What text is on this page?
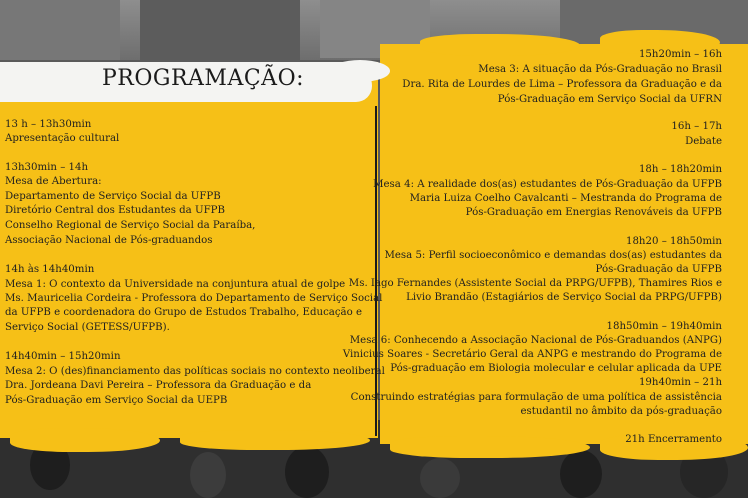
PROGRAMAÇÃO:
13 h – 13h30min
Apresentação cultural
13h30min – 14h
Mesa de Abertura:
Departamento de Serviço Social da UFPB
Diretório Central dos Estudantes da UFPB
Conselho Regional de Serviço Social da Paraíba,
Associação Nacional de Pós-graduandos
14h às 14h40min
Mesa 1: O contexto da Universidade na conjuntura atual de golpe
Ms. Mauricelia Cordeira - Professora do Departamento de Serviço Social
da UFPB e coordenadora do Grupo de Estudos Trabalho, Educação e
Serviço Social (GETESS/UFPB).
14h40min – 15h20min
Mesa 2: O (des)financiamento das políticas sociais no contexto neoliberal
Dra. Jordeana Davi Pereira – Professora da Graduação e da
Pós-Graduação em Serviço Social da UEPB
15h20min – 16h
Mesa 3: A situação da Pós-Graduação no Brasil
Dra. Rita de Lourdes de Lima – Professora da Graduação e da
Pós-Graduação em Serviço Social da UFRN
16h – 17h
Debate
18h – 18h20min
Mesa 4: A realidade dos(as) estudantes de Pós-Graduação da UFPB
Maria Luiza Coelho Cavalcanti – Mestranda do Programa de
Pós-Graduação em Energias Renováveis da UFPB
18h20 – 18h50min
Mesa 5: Perfil socioeconômico e demandas dos(as) estudantes da
Pós-Graduação da UFPB
Ms. Iago Fernandes (Assistente Social da PRPG/UFPB), Thamires Rios e
Livio Brandão (Estagiários de Serviço Social da PRPG/UFPB)
18h50min – 19h40min
Mesa 6: Conhecendo a Associação Nacional de Pós-Graduandos (ANPG)
Vinicius Soares - Secretário Geral da ANPG e mestrando do Programa de
Pós-graduação em Biologia molecular e celular aplicada da UPE
19h40min – 21h
Construindo estratégias para formulação de uma política de assistência
estudantil no âmbito da pós-graduação
21h Encerramento
